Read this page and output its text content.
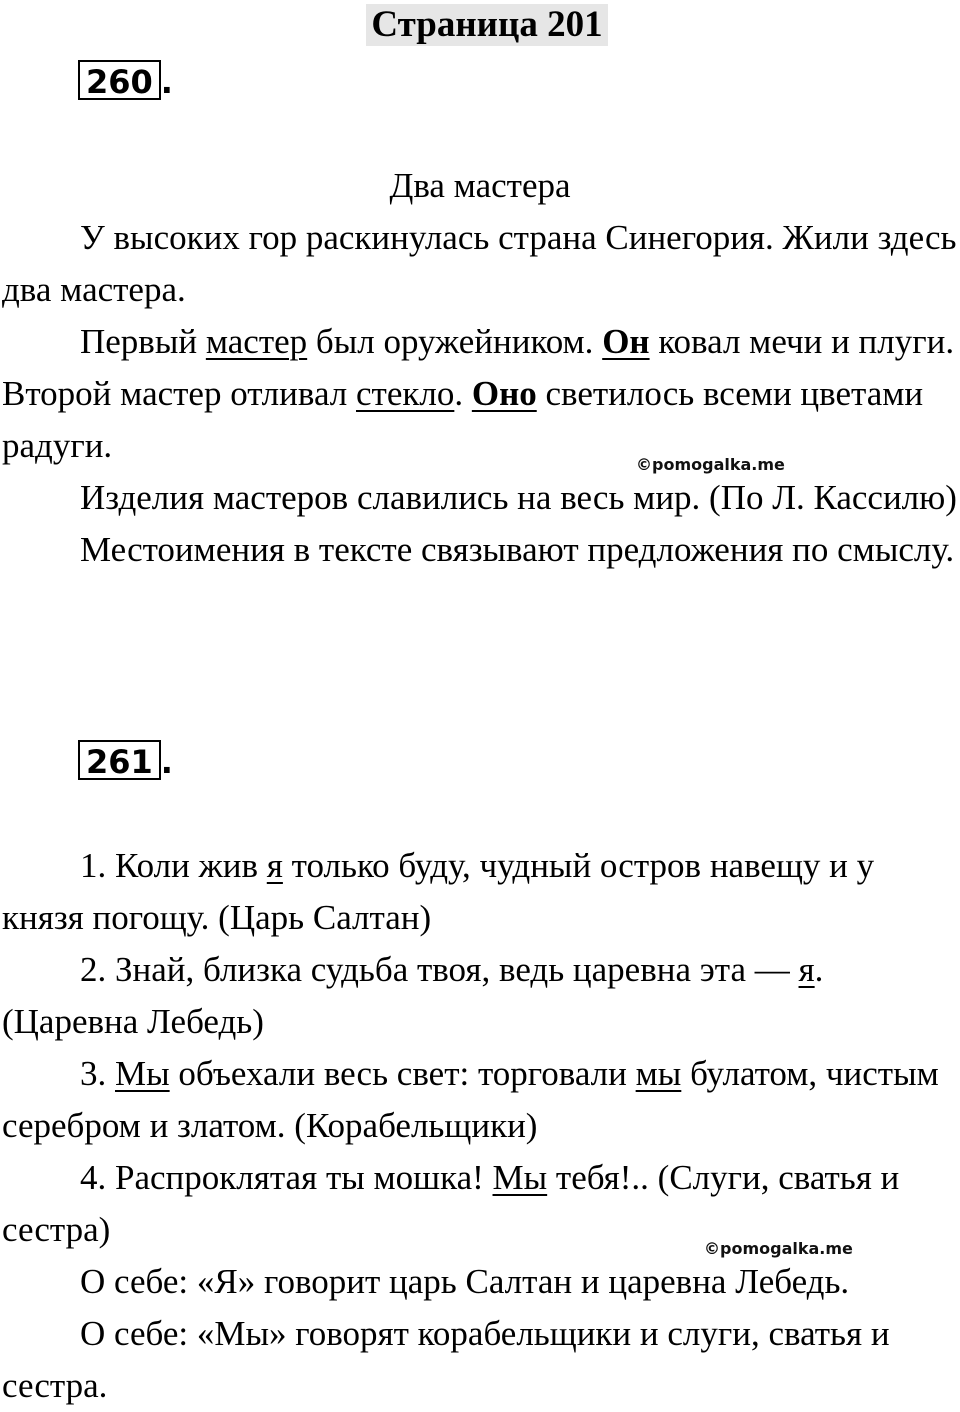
Страница 201
260 .

Два мастера

У высоких гор раскинулась страна Синегория. Жили здесь два мастера.

Первый мастер был оружейником. Он ковал мечи и плуги. Второй мастер отливал стекло. Оно светилось всеми цветами радуги.

Изделия мастеров славились на весь мир. (По Л. Кассилю)

Местоимения в тексте связывают предложения по смыслу.

©pomogalka.me
261 .

1. Коли жив я только буду, чудный остров навещу и у князя погощу. (Царь Салтан)

2. Знай, близка судьба твоя, ведь царевна эта — я. (Царевна Лебедь)

3. Мы объехали весь свет: торговали мы булатом, чистым серебром и златом. (Корабельщики)

4. Распроклятая ты мошка! Мы тебя!.. (Слуги, сватья и сестра)

О себе: «Я» говорит царь Салтан и царевна Лебедь.

О себе: «Мы» говорят корабельщики и слуги, сватья и сестра.

©pomogalka.me
